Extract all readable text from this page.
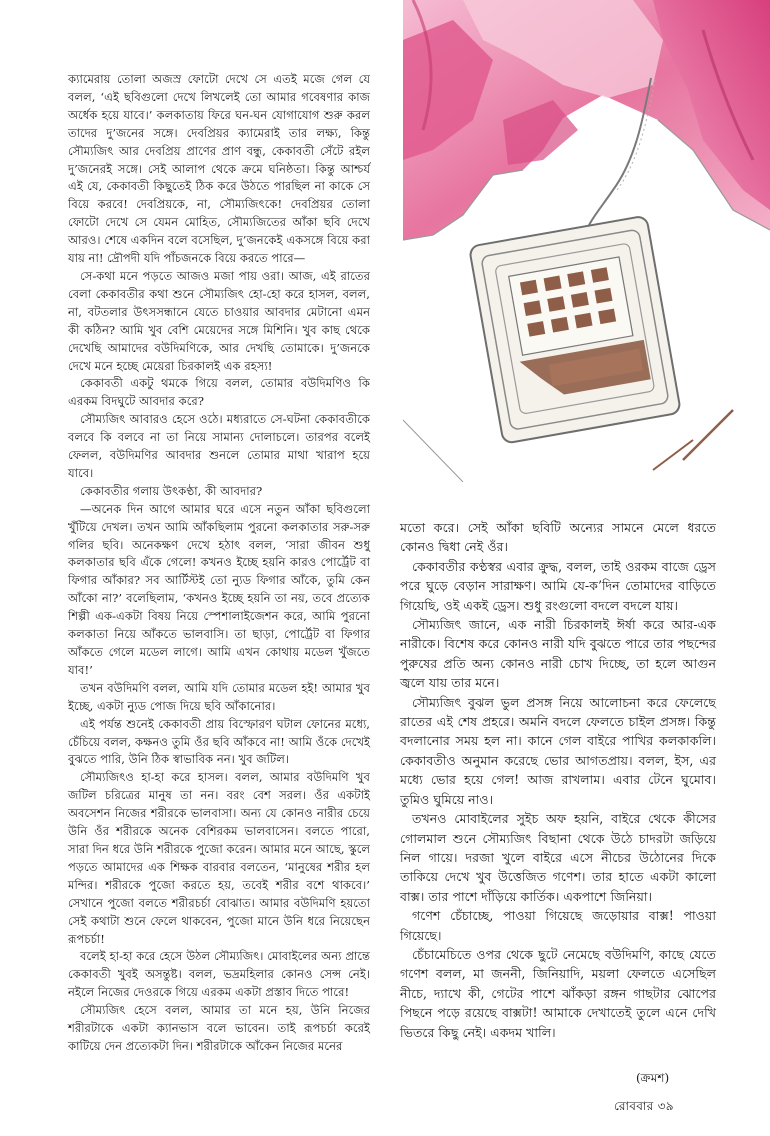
ক্যামেরায় তোলা অজস্র ফোটো দেখে সে এতই মজে গেল যে বলল, ‘এই ছবিগুলো দেখে লিখলেই তো আমার গবেষণার কাজ অর্ধেক হয়ে যাবে।’ কলকাতায় ফিরে ঘন-ঘন যোগাযোগ শুরু করল তাদের দু’জনের সঙ্গে। দেবপ্রিয়র ক্যামেরাই তার লক্ষ্য, কিন্তু সৌম্যজিৎ আর দেবপ্রিয় প্রাণের প্রাণ বন্ধু, কেকাবতী সেঁটে রইল দু’জনেরই সঙ্গে। সেই আলাপ থেকে ক্রমে ঘনিষ্ঠতা। কিন্তু আশ্চর্য এই যে, কেকাবতী কিছুতেই ঠিক করে উঠতে পারছিল না কাকে সে বিয়ে করবে! দেবপ্রিয়কে, না, সৌম্যজিৎকে! দেবপ্রিয়র তোলা ফোটো দেখে সে যেমন মোহিত, সৌম্যজিতের আঁকা ছবি দেখে আরও। শেষে একদিন বলে বসেছিল, দু’জনকেই একসঙ্গে বিয়ে করা যায় না! দ্রৌপদী যদি পাঁচজনকে বিয়ে করতে পারে—

সে-কথা মনে পড়তে আজও মজা পায় ওরা। আজ, এই রাতের বেলা কেকাবতীর কথা শুনে সৌম্যজিৎ হো-হো করে হাসল, বলল, না, বটতলার উৎসসন্ধানে যেতে চাওয়ার আবদার মেটানো এমন কী কঠিন? আমি খুব বেশি মেয়েদের সঙ্গে মিশিনি। খুব কাছ থেকে দেখেছি আমাদের বউদিমণিকে, আর দেখছি তোমাকে। দু’জনকে দেখে মনে হচ্ছে মেয়েরা চিরকালই এক রহস্য!

কেকাবতী একটু থমকে গিয়ে বলল, তোমার বউদিমণিও কি এরকম বিদঘুটে আবদার করে?

সৌম্যজিৎ আবারও হেসে ওঠে। মধ্যরাতে সে-ঘটনা কেকাবতীকে বলবে কি বলবে না তা নিয়ে সামান্য দোলাচলে। তারপর বলেই ফেলল, বউদিমণির আবদার শুনলে তোমার মাথা খারাপ হয়ে যাবে।

কেকাবতীর গলায় উৎকণ্ঠা, কী আবদার?

—অনেক দিন আগে আমার ঘরে এসে নতুন আঁকা ছবিগুলো খুঁটিয়ে দেখল। তখন আমি আঁকছিলাম পুরনো কলকাতার সরু-সরু গলির ছবি। অনেকক্ষণ দেখে হঠাৎ বলল, ‘সারা জীবন শুধু কলকাতার ছবি এঁকে গেলে! কখনও ইচ্ছে হয়নি কারও পোর্ট্রেট বা ফিগার আঁকার? সব আর্টিস্টই তো ন্যুড ফিগার আঁকে, তুমি কেন আঁকো না?’ বলেছিলাম, ‘কখনও ইচ্ছে হয়নি তা নয়, তবে প্রত্যেক শিল্পী এক-একটা বিষয় নিয়ে স্পেশালাইজেশন করে, আমি পুরনো কলকাতা নিয়ে আঁকতে ভালবাসি। তা ছাড়া, পোর্ট্রেট বা ফিগার আঁকতে গেলে মডেল লাগে। আমি এখন কোথায় মডেল খুঁজতে যাব!’

তখন বউদিমণি বলল, আমি যদি তোমার মডেল হই! আমার খুব ইচ্ছে, একটা ন্যুড পোজ দিয়ে ছবি আঁকানোর।

এই পর্যন্ত শুনেই কেকাবতী প্রায় বিস্ফোরণ ঘটাল ফোনের মধ্যে, চেঁচিয়ে বলল, কক্ষনও তুমি ওঁর ছবি আঁকবে না! আমি ওঁকে দেখেই বুঝতে পারি, উনি ঠিক স্বাভাবিক নন। খুব জটিল।

সৌম্যজিৎও হা-হা করে হাসল। বলল, আমার বউদিমণি খুব জটিল চরিত্রের মানুষ তা নন। বরং বেশ সরল। ওঁর একটাই অবসেশন নিজের শরীরকে ভালবাসা। অন্য যে কোনও নারীর চেয়ে উনি ওঁর শরীরকে অনেক বেশিরকম ভালবাসেন। বলতে পারো, সারা দিন ধরে উনি শরীরকে পুজো করেন। আমার মনে আছে, স্কুলে পড়তে আমাদের এক শিক্ষক বারবার বলতেন, ‘মানুষের শরীর হল মন্দির। শরীরকে পুজো করতে হয়, তবেই শরীর বশে থাকবে।’ সেখানে পুজো বলতে শরীরচর্চা বোঝাত। আমার বউদিমণি হয়তো সেই কথাটা শুনে ফেলে থাকবেন, পুজো মানে উনি ধরে নিয়েছেন রূপচর্চা!

বলেই হা-হা করে হেসে উঠল সৌম্যজিৎ। মোবাইলের অন্য প্রান্তে কেকাবতী খুবই অসন্তুষ্ট। বলল, ভদ্রমহিলার কোনও সেন্স নেই। নইলে নিজের দেওরকে গিয়ে এরকম একটা প্রস্তাব দিতে পারে!

সৌম্যজিৎ হেসে বলল, আমার তা মনে হয়, উনি নিজের শরীরটাকে একটা ক্যানভাস বলে ভাবেন। তাই রূপচর্চা করেই কাটিয়ে দেন প্রত্যেকটা দিন। শরীরটাকে আঁকেন নিজের মনের

মতো করে। সেই আঁকা ছবিটি অন্যের সামনে মেলে ধরতে কোনও দ্বিধা নেই ওঁর।

কেকাবতীর কণ্ঠস্বর এবার ক্রুদ্ধ, বলল, তাই ওরকম বাজে ড্রেস পরে ঘুড়ে বেড়ান সারাক্ষণ। আমি যে-ক’দিন তোমাদের বাড়িতে গিয়েছি, ওই একই ড্রেস। শুধু রংগুলো বদলে বদলে যায়।

সৌম্যজিৎ জানে, এক নারী চিরকালই ঈর্ষা করে আর-এক নারীকে। বিশেষ করে কোনও নারী যদি বুঝতে পারে তার পছন্দের পুরুষের প্রতি অন্য কোনও নারী চোখ দিচ্ছে, তা হলে আগুন জ্বলে যায় তার মনে।

সৌম্যজিৎ বুঝল ভুল প্রসঙ্গ নিয়ে আলোচনা করে ফেলেছে রাতের এই শেষ প্রহরে। অমনি বদলে ফেলতে চাইল প্রসঙ্গ। কিন্তু বদলানোর সময় হল না। কানে গেল বাইরে পাখির কলকাকলি। কেকাবতীও অনুমান করেছে ভোর আগতপ্রায়। বলল, ইস, এর মধ্যে ভোর হয়ে গেল! আজ রাখলাম। এবার টেনে ঘুমোব। তুমিও ঘুমিয়ে নাও।

তখনও মোবাইলের সুইচ অফ হয়নি, বাইরে থেকে কীসের গোলমাল শুনে সৌম্যজিৎ বিছানা থেকে উঠে চাদরটা জড়িয়ে নিল গায়ে। দরজা খুলে বাইরে এসে নীচের উঠোনের দিকে তাকিয়ে দেখে খুব উত্তেজিত গণেশ। তার হাতে একটা কালো বাক্স। তার পাশে দাঁড়িয়ে কার্তিক। একপাশে জিনিয়া।

গণেশ চেঁচাচ্ছে, পাওয়া গিয়েছে জড়োয়ার বাক্স! পাওয়া গিয়েছে।

চেঁচামেচিতে ওপর থেকে ছুটে নেমেছে বউদিমণি, কাছে যেতে গণেশ বলল, মা জননী, জিনিয়াদি, ময়লা ফেলতে এসেছিল নীচে, দ্যাখে কী, গেটের পাশে ঝাঁকড়া রঙ্গন গাছটার ঝোপের পিছনে পড়ে রয়েছে বাক্সটা! আমাকে দেখাতেই তুলে এনে দেখি ভিতরে কিছু নেই। একদম খালি।

(ক্রমশ)
রোববার ৩৯
